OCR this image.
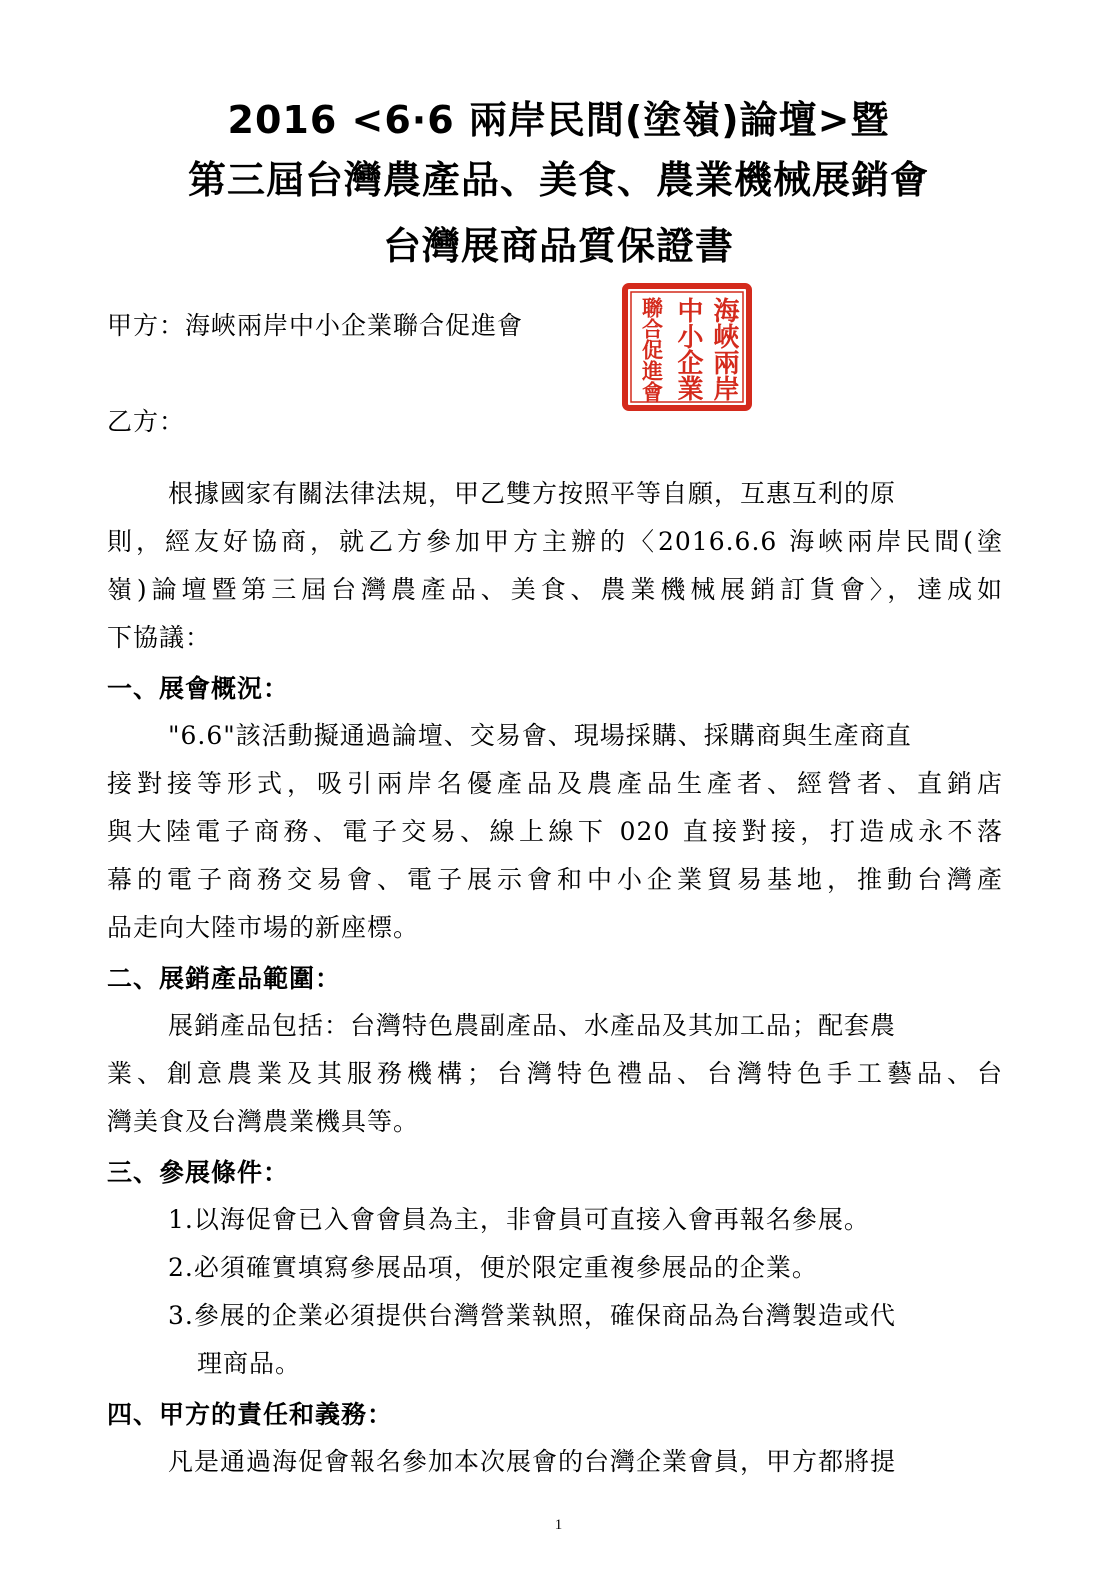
2016 <6·6 兩岸民間(塗嶺)論壇>暨
第三屆台灣農產品、美食、農業機械展銷會
台灣展商品質保證書
甲方：海峽兩岸中小企業聯合促進會	海峽兩岸
中小企業
聯合促進會
乙方：
根據國家有關法律法規，甲乙雙方按照平等自願，互惠互利的原
則，經友好協商，就乙方參加甲方主辦的〈2016.6.6 海峽兩岸民間(塗
嶺)論壇暨第三屆台灣農產品、美食、農業機械展銷訂貨會〉，達成如
下協議：
一、展會概況：
"6.6"該活動擬通過論壇、交易會、現場採購、採購商與生產商直
接對接等形式，吸引兩岸名優產品及農產品生產者、經營者、直銷店
與大陸電子商務、電子交易、線上線下 020 直接對接，打造成永不落
幕的電子商務交易會、電子展示會和中小企業貿易基地，推動台灣產
品走向大陸市場的新座標。
二、展銷產品範圍：
展銷產品包括：台灣特色農副產品、水產品及其加工品；配套農
業、創意農業及其服務機構；台灣特色禮品、台灣特色手工藝品、台
灣美食及台灣農業機具等。
三、參展條件：
1.以海促會已入會會員為主，非會員可直接入會再報名參展。
2.必須確實填寫參展品項，便於限定重複參展品的企業。
3.參展的企業必須提供台灣營業執照，確保商品為台灣製造或代
理商品。
四、甲方的責任和義務：
凡是通過海促會報名參加本次展會的台灣企業會員，甲方都將提
1
